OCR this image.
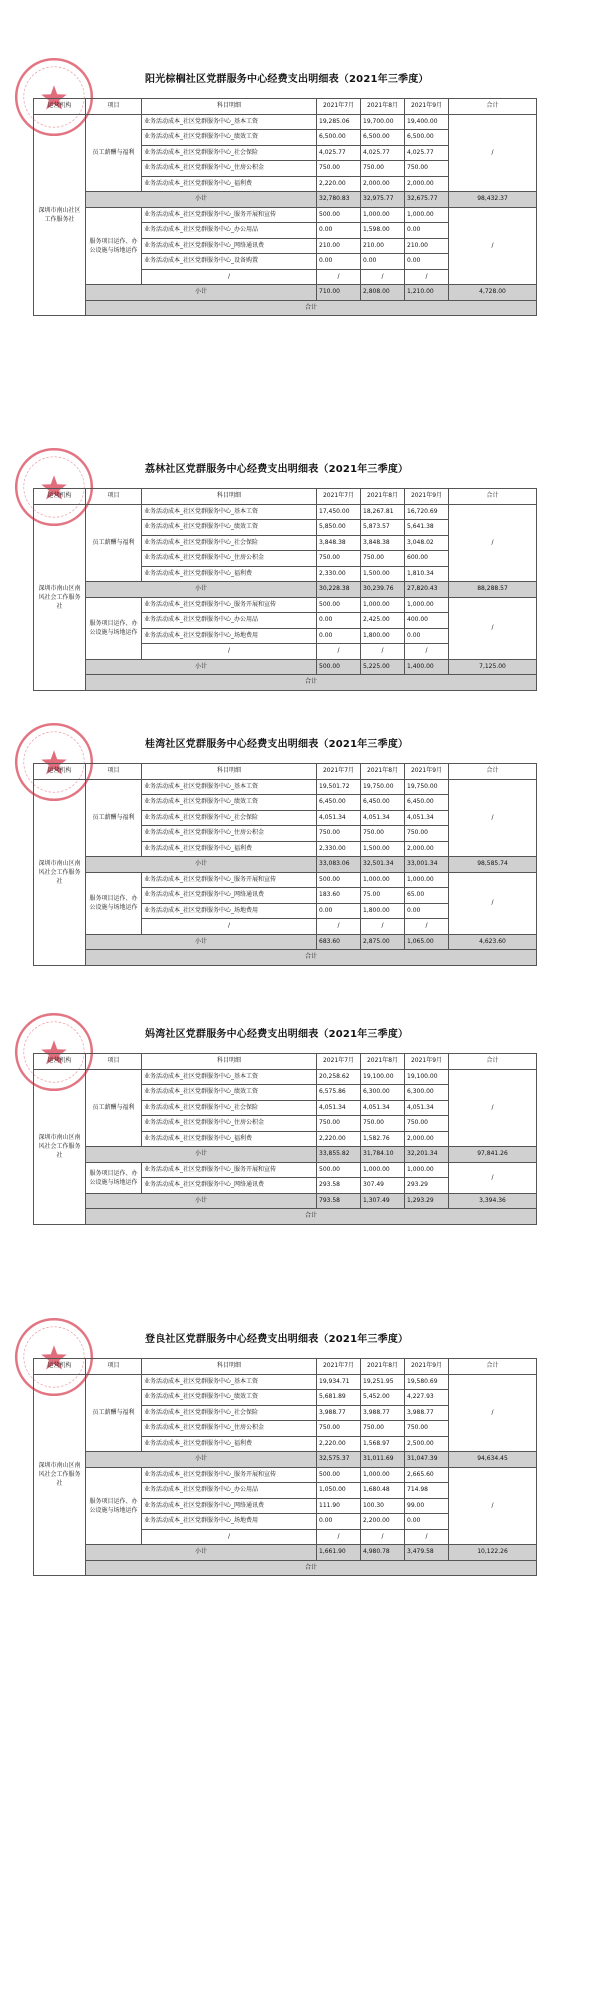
阳光棕榈社区党群服务中心经费支出明细表（2021年三季度）
运营机构	项目	科目明细	2021年7月	2021年8月	2021年9月	合计	
深圳市南山社区工作服务社	员工薪酬与福利	业务活动成本_社区党群服务中心_基本工资	19,285.06	19,700.00	19,400.00	/	
		业务活动成本_社区党群服务中心_绩效工资	6,500.00	6,500.00	6,500.00		
		业务活动成本_社区党群服务中心_社会保险	4,025.77	4,025.77	4,025.77		
		业务活动成本_社区党群服务中心_住房公积金	750.00	750.00	750.00		
		业务活动成本_社区党群服务中心_福利费	2,220.00	2,000.00	2,000.00		
	小计		32,780.83	32,975.77	32,675.77	98,432.37	
	服务项目运作、办公设施与场地运作	业务活动成本_社区党群服务中心_服务开展和宣传	500.00	1,000.00	1,000.00	/	
		业务活动成本_社区党群服务中心_办公用品	0.00	1,598.00	0.00		
		业务活动成本_社区党群服务中心_网络通讯费	210.00	210.00	210.00		
		业务活动成本_社区党群服务中心_设备购置	0.00	0.00	0.00		
		/	/	/	/		
	小计		710.00	2,808.00	1,210.00	4,728.00	
	合计	
荔林社区党群服务中心经费支出明细表（2021年三季度）
运营机构	项目	科目明细	2021年7月	2021年8月	2021年9月	合计	
深圳市南山区南风社会工作服务社	员工薪酬与福利	业务活动成本_社区党群服务中心_基本工资	17,450.00	18,267.81	16,720.69	/	
		业务活动成本_社区党群服务中心_绩效工资	5,850.00	5,873.57	5,641.38		
		业务活动成本_社区党群服务中心_社会保险	3,848.38	3,848.38	3,048.02		
		业务活动成本_社区党群服务中心_住房公积金	750.00	750.00	600.00		
		业务活动成本_社区党群服务中心_福利费	2,330.00	1,500.00	1,810.34		
	小计		30,228.38	30,239.76	27,820.43	88,288.57	
	服务项目运作、办公设施与场地运作	业务活动成本_社区党群服务中心_服务开展和宣传	500.00	1,000.00	1,000.00	/	
		业务活动成本_社区党群服务中心_办公用品	0.00	2,425.00	400.00		
		业务活动成本_社区党群服务中心_场地费用	0.00	1,800.00	0.00		
		/	/	/	/		
	小计		500.00	5,225.00	1,400.00	7,125.00	
	合计	
桂湾社区党群服务中心经费支出明细表（2021年三季度）
运营机构	项目	科目明细	2021年7月	2021年8月	2021年9月	合计	
深圳市南山区南风社会工作服务社	员工薪酬与福利	业务活动成本_社区党群服务中心_基本工资	19,501.72	19,750.00	19,750.00	/	
		业务活动成本_社区党群服务中心_绩效工资	6,450.00	6,450.00	6,450.00		
		业务活动成本_社区党群服务中心_社会保险	4,051.34	4,051.34	4,051.34		
		业务活动成本_社区党群服务中心_住房公积金	750.00	750.00	750.00		
		业务活动成本_社区党群服务中心_福利费	2,330.00	1,500.00	2,000.00		
	小计		33,083.06	32,501.34	33,001.34	98,585.74	
	服务项目运作、办公设施与场地运作	业务活动成本_社区党群服务中心_服务开展和宣传	500.00	1,000.00	1,000.00	/	
		业务活动成本_社区党群服务中心_网络通讯费	183.60	75.00	65.00		
		业务活动成本_社区党群服务中心_场地费用	0.00	1,800.00	0.00		
		/	/	/	/		
	小计		683.60	2,875.00	1,065.00	4,623.60	
	合计	
妈湾社区党群服务中心经费支出明细表（2021年三季度）
运营机构	项目	科目明细	2021年7月	2021年8月	2021年9月	合计	
深圳市南山区南风社会工作服务社	员工薪酬与福利	业务活动成本_社区党群服务中心_基本工资	20,258.62	19,100.00	19,100.00	/	
		业务活动成本_社区党群服务中心_绩效工资	6,575.86	6,300.00	6,300.00		
		业务活动成本_社区党群服务中心_社会保险	4,051.34	4,051.34	4,051.34		
		业务活动成本_社区党群服务中心_住房公积金	750.00	750.00	750.00		
		业务活动成本_社区党群服务中心_福利费	2,220.00	1,582.76	2,000.00		
	小计		33,855.82	31,784.10	32,201.34	97,841.26	
	服务项目运作、办公设施与场地运作	业务活动成本_社区党群服务中心_服务开展和宣传	500.00	1,000.00	1,000.00	/	
		业务活动成本_社区党群服务中心_网络通讯费	293.58	307.49	293.29		
	小计		793.58	1,307.49	1,293.29	3,394.36	
	合计	
登良社区党群服务中心经费支出明细表（2021年三季度）
运营机构	项目	科目明细	2021年7月	2021年8月	2021年9月	合计	
深圳市南山区南风社会工作服务社	员工薪酬与福利	业务活动成本_社区党群服务中心_基本工资	19,934.71	19,251.95	19,580.69	/	
		业务活动成本_社区党群服务中心_绩效工资	5,681.89	5,452.00	4,227.93		
		业务活动成本_社区党群服务中心_社会保险	3,988.77	3,988.77	3,988.77		
		业务活动成本_社区党群服务中心_住房公积金	750.00	750.00	750.00		
		业务活动成本_社区党群服务中心_福利费	2,220.00	1,568.97	2,500.00		
	小计		32,575.37	31,011.69	31,047.39	94,634.45	
	服务项目运作、办公设施与场地运作	业务活动成本_社区党群服务中心_服务开展和宣传	500.00	1,000.00	2,665.60	/	
		业务活动成本_社区党群服务中心_办公用品	1,050.00	1,680.48	714.98		
		业务活动成本_社区党群服务中心_网络通讯费	111.90	100.30	99.00		
		业务活动成本_社区党群服务中心_场地费用	0.00	2,200.00	0.00		
		/	/	/	/		
	小计		1,661.90	4,980.78	3,479.58	10,122.26	
	合计	
